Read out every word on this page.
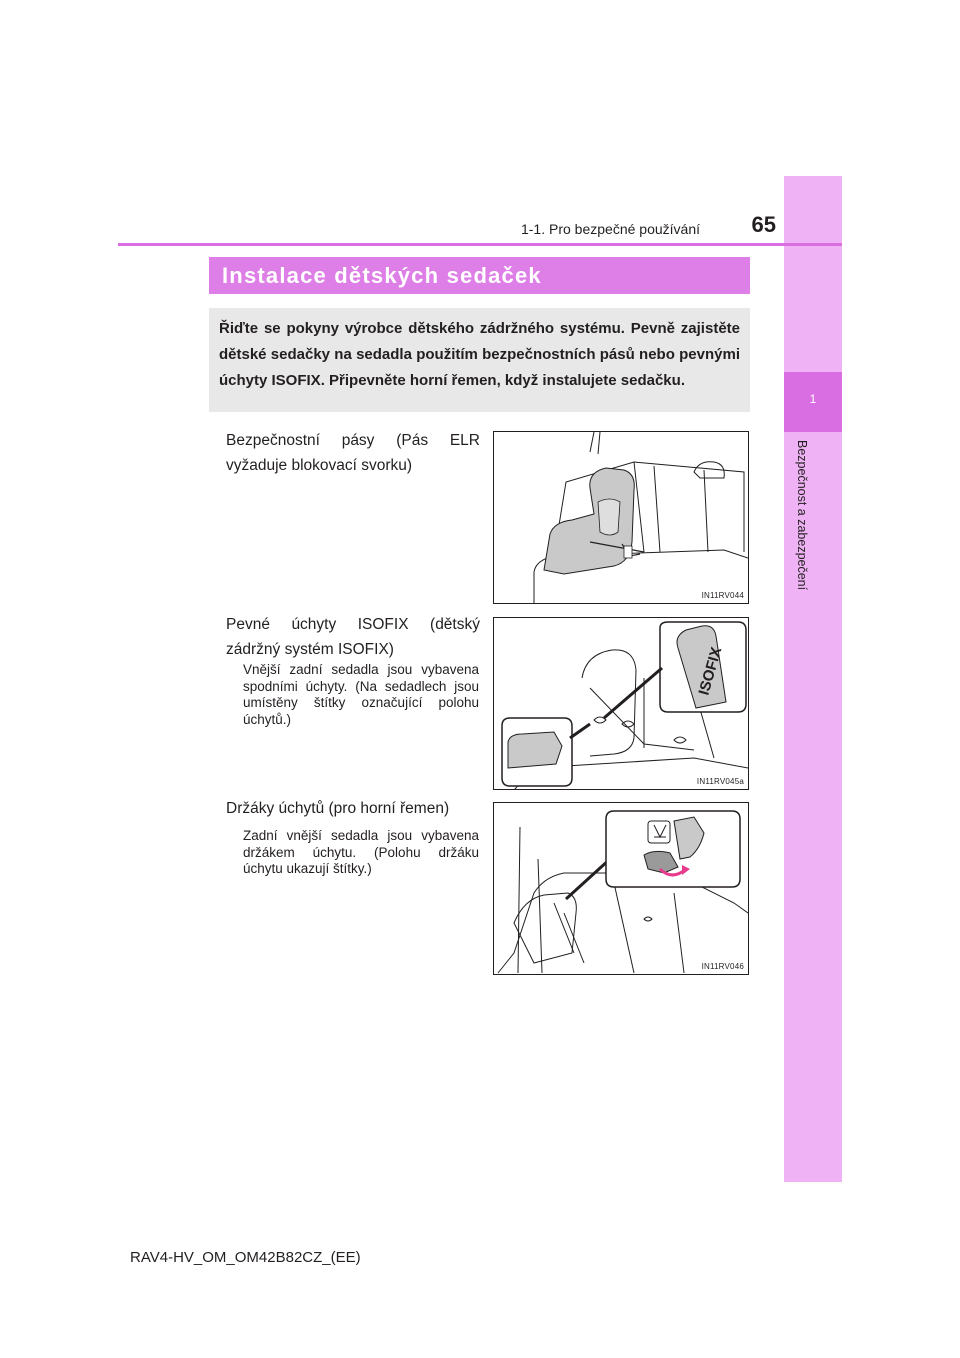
1
Bezpečnost a zabezpečení
1-1. Pro bezpečné používání	65
Instalace dětských sedaček
Řiďte se pokyny výrobce dětského zádržného systému. Pevně zajistěte dětské sedačky na sedadla použitím bezpečnostních pásů nebo pevnými úchyty ISOFIX. Připevněte horní řemen, když instalujete sedačku.
Bezpečnostní pásy (Pás ELR vyžaduje blokovací svorku)
IN11RV044
Pevné úchyty ISOFIX (dětský zádržný systém ISOFIX)
Vnější zadní sedadla jsou vybavena spodními úchyty. (Na sedadlech jsou umístěny štítky označující polohu úchytů.)
ISOFIX
IN11RV045a
Držáky úchytů (pro horní řemen)
Zadní vnější sedadla jsou vybavena držákem úchytu. (Polohu držáku úchytu ukazují štítky.)
IN11RV046
RAV4-HV_OM_OM42B82CZ_(EE)
